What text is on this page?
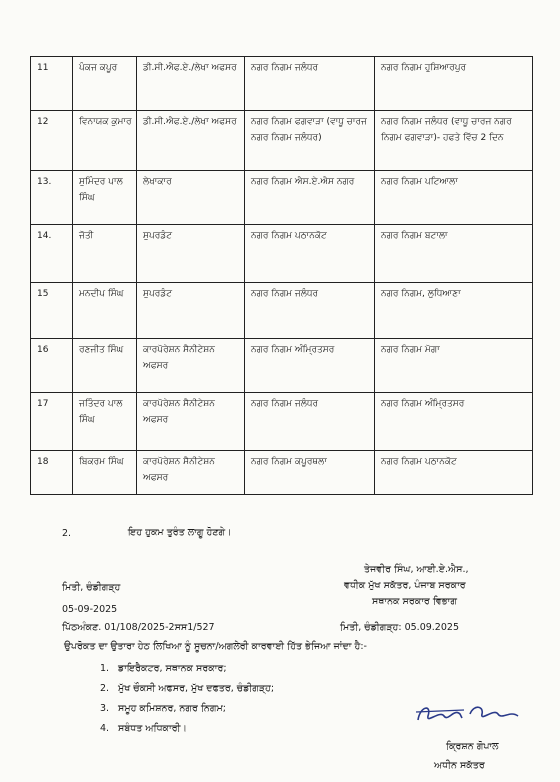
11	ਪੰਕਜ ਕਪੂਰ	ਡੀ.ਸੀ.ਐਫ.ਏ./ਲੇਖਾ ਅਫਸਰ	ਨਗਰ ਨਿਗਮ ਜਲੰਧਰ	ਨਗਰ ਨਿਗਮ ਹੁਸ਼ਿਆਰਪੁਰ
12	ਵਿਨਾਯਕ ਕੁਮਾਰ	ਡੀ.ਸੀ.ਐਫ.ਏ./ਲੇਖਾ ਅਫਸਰ	ਨਗਰ ਨਿਗਮ ਫਗਵਾੜਾ (ਵਾਧੂ ਚਾਰਜ ਨਗਰ ਨਿਗਮ ਜਲੰਧਰ)	ਨਗਰ ਨਿਗਮ ਜਲੰਧਰ (ਵਾਧੂ ਚਾਰਜ ਨਗਰ ਨਿਗਮ ਫਗਵਾੜਾ)- ਹਫਤੇ ਵਿੱਚ 2 ਦਿਨ
13.	ਸੁਮਿੰਦਰ ਪਾਲ ਸਿੰਘ	ਲੇਖਾਕਾਰ	ਨਗਰ ਨਿਗਮ ਐਸ.ਏ.ਐਸ ਨਗਰ	ਨਗਰ ਨਿਗਮ ਪਟਿਆਲਾ
14.	ਜੋਤੀ	ਸੁਪਰਡੰਟ	ਨਗਰ ਨਿਗਮ ਪਠਾਨਕੋਟ	ਨਗਰ ਨਿਗਮ ਬਟਾਲਾ
15	ਮਨਦੀਪ ਸਿੰਘ	ਸੁਪਰਡੰਟ	ਨਗਰ ਨਿਗਮ ਜਲੰਧਰ	ਨਗਰ ਨਿਗਮ, ਲੁਧਿਆਣਾ
16	ਰਣਜੀਤ ਸਿੰਘ	ਕਾਰਪੋਰੇਸ਼ਨ ਸੈਨੀਟੇਸ਼ਨ ਅਫਸਰ	ਨਗਰ ਨਿਗਮ ਅੰਮ੍ਰਿਤਸਰ	ਨਗਰ ਨਿਗਮ ਮੋਗਾ
17	ਜਤਿੰਦਰ ਪਾਲ ਸਿੰਘ	ਕਾਰਪੋਰੇਸ਼ਨ ਸੈਨੀਟੇਸ਼ਨ ਅਫਸਰ	ਨਗਰ ਨਿਗਮ ਜਲੰਧਰ	ਨਗਰ ਨਿਗਮ ਅੰਮ੍ਰਿਤਸਰ
18	ਬਿਕਰਮ ਸਿੰਘ	ਕਾਰਪੋਰੇਸ਼ਨ ਸੈਨੀਟੇਸ਼ਨ ਅਫਸਰ	ਨਗਰ ਨਿਗਮ ਕਪੂਰਥਲਾ	ਨਗਰ ਨਿਗਮ ਪਠਾਨਕੋਟ
2.	ਇਹ ਹੁਕਮ ਤੁਰੰਤ ਲਾਗੂ ਹੋਣਗੇ।
ਤੇਜਵੀਰ ਸਿੰਘ, ਆਈ.ਏ.ਐਸ.,
ਵਧੀਕ ਮੁੱਖ ਸਕੱਤਰ, ਪੰਜਾਬ ਸਰਕਾਰ
ਸਥਾਨਕ ਸਰਕਾਰ ਵਿਭਾਗ
ਮਿਤੀ, ਚੰਡੀਗੜ੍ਹ
05-09-2025
ਪਿੱਠਅੰਕਣ. 01/108/2025-2ਸਸ1/527	ਮਿਤੀ, ਚੰਡੀਗੜ੍ਹ: 05.09.2025
ਉਪਰੋਕਤ ਦਾ ਉਤਾਰਾ ਹੇਠ ਲਿਖਿਆ ਨੂੰ ਸੂਚਨਾ/ਅਗਲੇਰੀ ਕਾਰਵਾਈ ਹਿੱਤ ਭੇਜਿਆ ਜਾਂਦਾ ਹੈ:-
1. ਡਾਇਰੈਕਟਰ, ਸਥਾਨਕ ਸਰਕਾਰ;
2. ਮੁੱਖ ਚੌਕਸੀ ਅਫਸਰ, ਮੁੱਖ ਦਫਤਰ, ਚੰਡੀਗੜ੍ਹ;
3. ਸਮੂਹ ਕਮਿਸ਼ਨਰ, ਨਗਰ ਨਿਗਮ;
4. ਸਬੰਧਤ ਅਧਿਕਾਰੀ।
ਕ੍ਰਿਸ਼ਨ ਗੋਪਾਲ
ਅਧੀਨ ਸਕੱਤਰ
